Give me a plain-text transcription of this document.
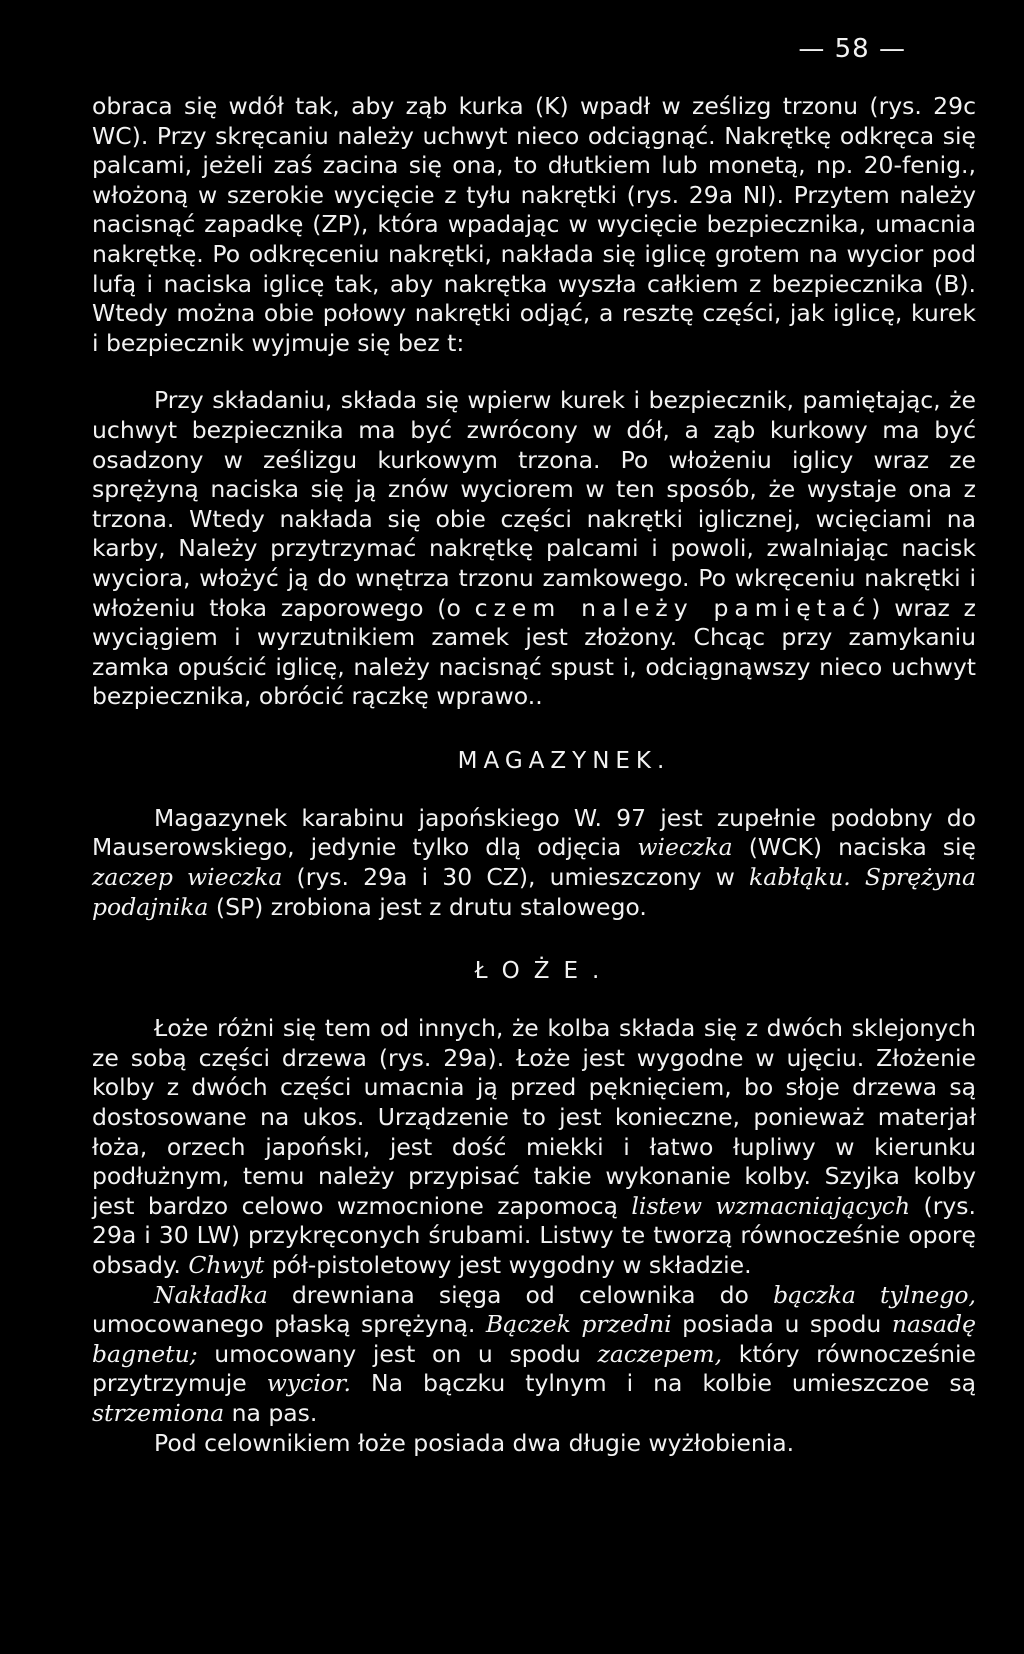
— 58 —

obraca się wdół tak, aby ząb kurka (K) wpadł w ześlizg trzonu (rys. 29c WC). Przy skręcaniu należy uchwyt nieco odciągnąć. Nakrętkę odkręca się palcami, jeżeli zaś zacina się ona, to dłutkiem lub monetą, np. 20-fenig., włożoną w szerokie wycięcie z tyłu nakrętki (rys. 29a NI). Przytem należy nacisnąć zapadkę (ZP), która wpadając w wycięcie bezpiecznika, umacnia nakrętkę. Po odkręceniu nakrętki, nakłada się iglicę grotem na wycior pod lufą i naciska iglicę tak, aby nakrętka wyszła całkiem z bezpiecznika (B). Wtedy można obie połowy nakrętki odjąć, a resztę części, jak iglicę, kurek i bezpiecznik wyjmuje się bez t:

Przy składaniu, składa się wpierw kurek i bezpiecznik, pamiętając, że uchwyt bezpiecznika ma być zwrócony w dół, a ząb kurkowy ma być osadzony w ześlizgu kurkowym trzona. Po włożeniu iglicy wraz ze sprężyną naciska się ją znów wyciorem w ten sposób, że wystaje ona z trzona. Wtedy nakłada się obie części nakrętki iglicznej, wcięciami na karby, Należy przytrzymać nakrętkę palcami i powoli, zwalniając nacisk wyciora, włożyć ją do wnętrza trzonu zamkowego. Po wkręceniu nakrętki i włożeniu tłoka zaporowego (o czem należy pamiętać) wraz z wyciągiem i wyrzutnikiem zamek jest złożony. Chcąc przy zamykaniu zamka opuścić iglicę, należy nacisnąć spust i, odciągnąwszy nieco uchwyt bezpiecznika, obrócić rączkę wprawo..

MAGAZYNEK.

Magazynek karabinu japońskiego W. 97 jest zupełnie podobny do Mauserowskiego, jedynie tylko dlą odjęcia wieczka (WCK) naciska się zaczep wieczka (rys. 29a i 30 CZ), umieszczony w kabłąku. Sprężyna podajnika (SP) zrobiona jest z drutu stalowego.

ŁOŻE.

Łoże różni się tem od innych, że kolba składa się z dwóch sklejonych ze sobą części drzewa (rys. 29a). Łoże jest wygodne w ujęciu. Złożenie kolby z dwóch części umacnia ją przed pęknięciem, bo słoje drzewa są dostosowane na ukos. Urządzenie to jest konieczne, ponieważ materjał łoża, orzech japoński, jest dość miekki i łatwo łupliwy w kierunku podłużnym, temu należy przypisać takie wykonanie kolby. Szyjka kolby jest bardzo celowo wzmocnione zapomocą listew wzmacniających (rys. 29a i 30 LW) przykręconych śrubami. Listwy te tworzą równocześnie oporę obsady. Chwyt pół-pistoletowy jest wygodny w składzie.

Nakładka drewniana sięga od celownika do bączka tylnego, umocowanego płaską sprężyną. Bączek przedni posiada u spodu nasadę bagnetu; umocowany jest on u spodu zaczepem, który równocześnie przytrzymuje wycior. Na bączku tylnym i na kolbie umieszczoe są strzemiona na pas.

Pod celownikiem łoże posiada dwa długie wyżłobienia.
